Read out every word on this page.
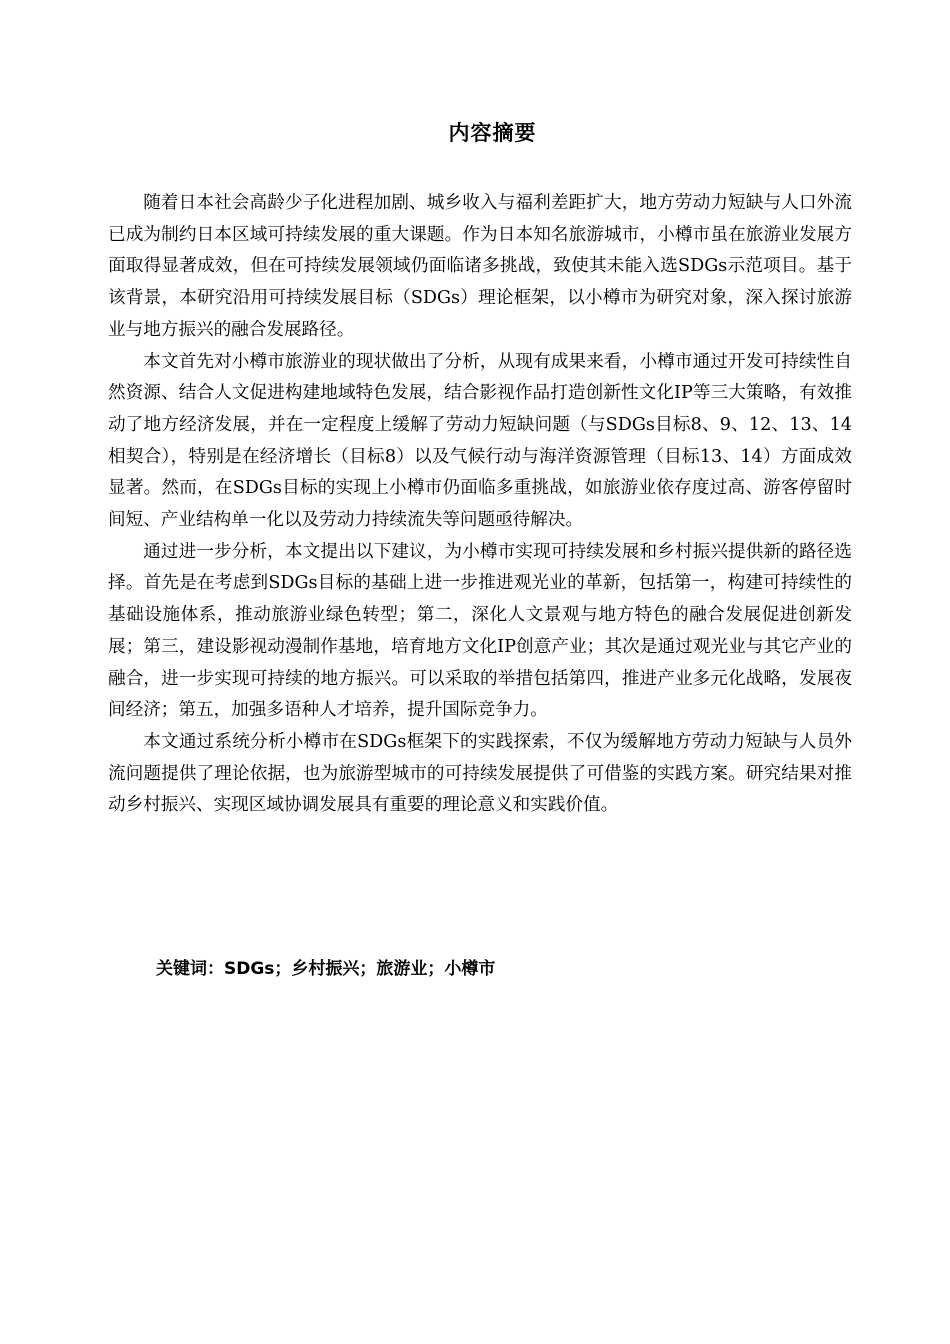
内容摘要

随着日本社会高龄少子化进程加剧、城乡收入与福利差距扩大，地方劳动力短缺与人口外流已成为制约日本区域可持续发展的重大课题。作为日本知名旅游城市，小樽市虽在旅游业发展方面取得显著成效，但在可持续发展领域仍面临诸多挑战，致使其未能入选SDGs示范项目。基于该背景，本研究沿用可持续发展目标（SDGs）理论框架，以小樽市为研究对象，深入探讨旅游业与地方振兴的融合发展路径。

本文首先对小樽市旅游业的现状做出了分析，从现有成果来看，小樽市通过开发可持续性自然资源、结合人文促进构建地域特色发展，结合影视作品打造创新性文化IP等三大策略，有效推动了地方经济发展，并在一定程度上缓解了劳动力短缺问题（与SDGs目标8、9、12、13、14相契合），特别是在经济增长（目标8）以及气候行动与海洋资源管理（目标13、14）方面成效显著。然而，在SDGs目标的实现上小樽市仍面临多重挑战，如旅游业依存度过高、游客停留时间短、产业结构单一化以及劳动力持续流失等问题亟待解决。

通过进一步分析，本文提出以下建议，为小樽市实现可持续发展和乡村振兴提供新的路径选择。首先是在考虑到SDGs目标的基础上进一步推进观光业的革新，包括第一，构建可持续性的基础设施体系，推动旅游业绿色转型；第二，深化人文景观与地方特色的融合发展促进创新发展；第三，建设影视动漫制作基地，培育地方文化IP创意产业；其次是通过观光业与其它产业的融合，进一步实现可持续的地方振兴。可以采取的举措包括第四，推进产业多元化战略，发展夜间经济；第五，加强多语种人才培养，提升国际竞争力。

本文通过系统分析小樽市在SDGs框架下的实践探索，不仅为缓解地方劳动力短缺与人员外流问题提供了理论依据，也为旅游型城市的可持续发展提供了可借鉴的实践方案。研究结果对推动乡村振兴、实现区域协调发展具有重要的理论意义和实践价值。

关键词：SDGs；乡村振兴；旅游业；小樽市
